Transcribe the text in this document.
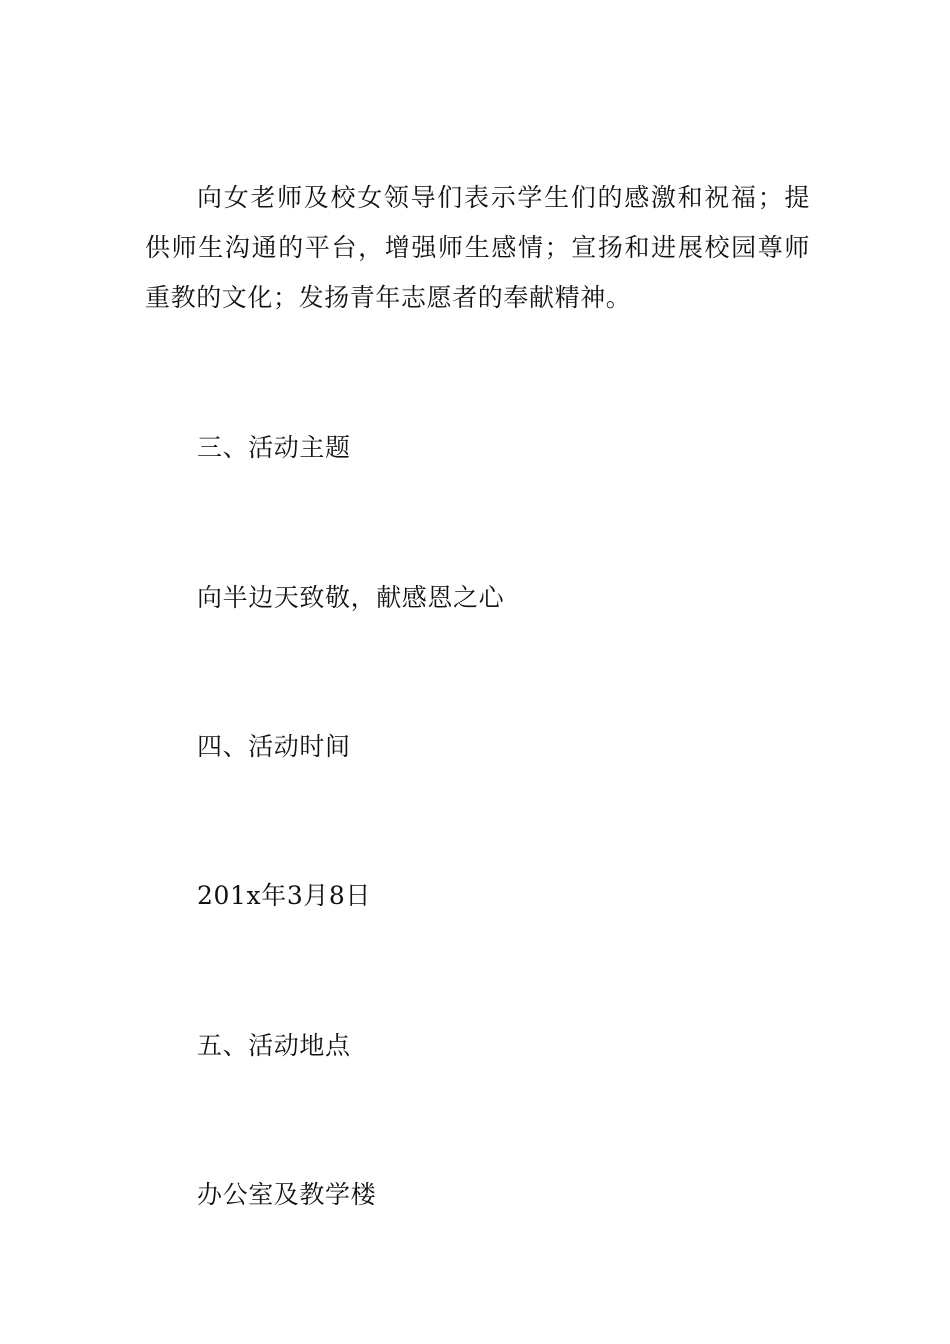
向女老师及校女领导们表示学生们的感激和祝福；提供师生沟通的平台，增强师生感情；宣扬和进展校园尊师重教的文化；发扬青年志愿者的奉献精神。

三、活动主题

向半边天致敬，献感恩之心

四、活动时间

201x年3月8日

五、活动地点

办公室及教学楼
